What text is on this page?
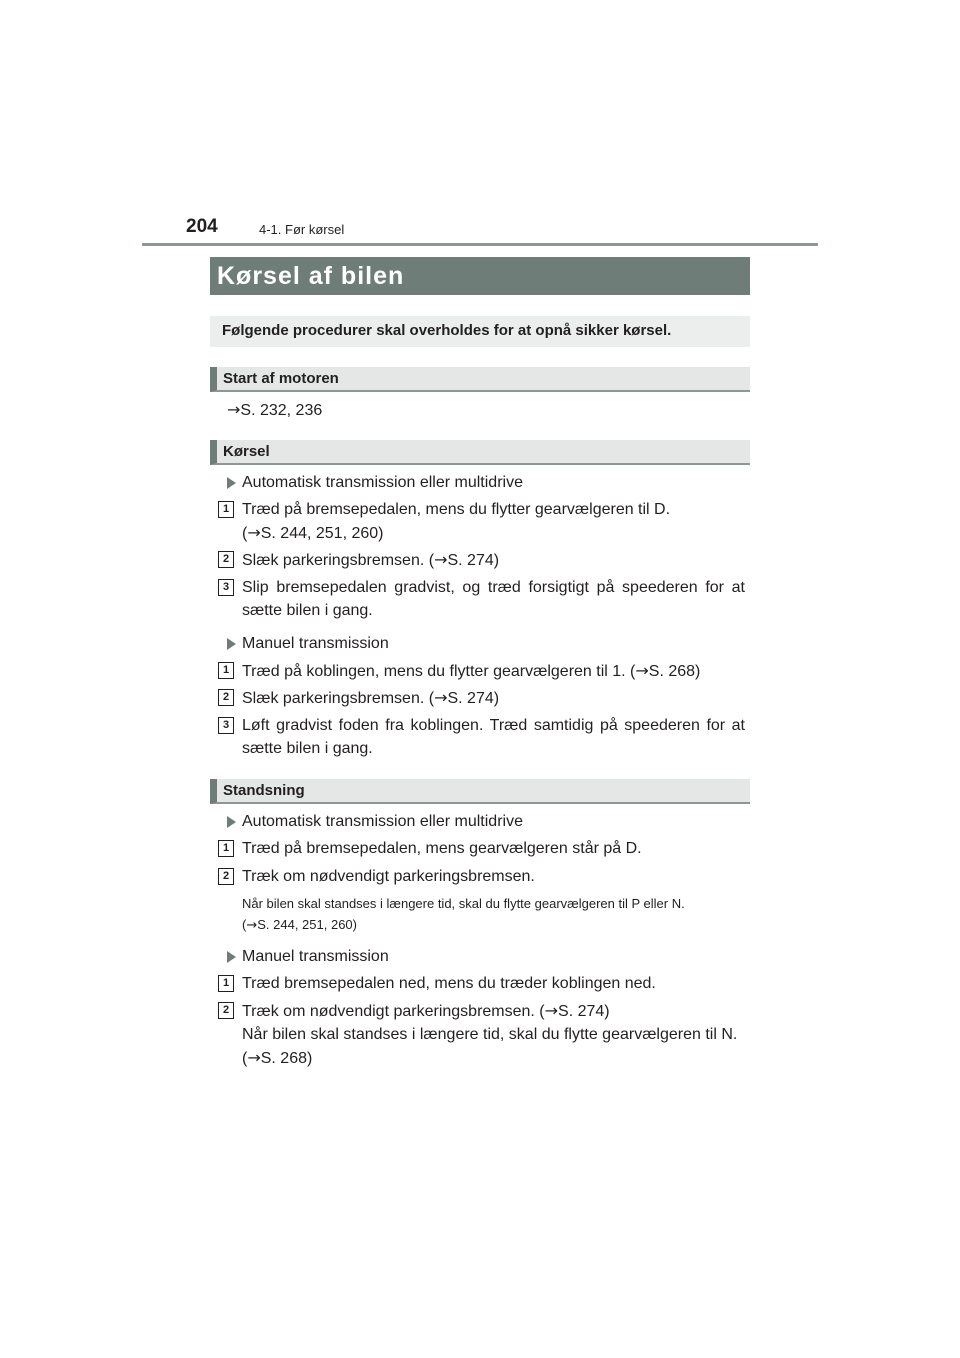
204	4-1. Før kørsel
Kørsel af bilen
Følgende procedurer skal overholdes for at opnå sikker kørsel.
Start af motoren
→S. 232, 236
Kørsel
Automatisk transmission eller multidrive
1 Træd på bremsepedalen, mens du flytter gearvælgeren til D.
(→S. 244, 251, 260)
2 Slæk parkeringsbremsen. (→S. 274)
3 Slip bremsepedalen gradvist, og træd forsigtigt på speederen for at sætte bilen i gang.
Manuel transmission
1 Træd på koblingen, mens du flytter gearvælgeren til 1. (→S. 268)
2 Slæk parkeringsbremsen. (→S. 274)
3 Løft gradvist foden fra koblingen. Træd samtidig på speederen for at sætte bilen i gang.
Standsning
Automatisk transmission eller multidrive
1 Træd på bremsepedalen, mens gearvælgeren står på D.
2 Træk om nødvendigt parkeringsbremsen.
Når bilen skal standses i længere tid, skal du flytte gearvælgeren til P eller N.
(→S. 244, 251, 260)
Manuel transmission
1 Træd bremsepedalen ned, mens du træder koblingen ned.
2 Træk om nødvendigt parkeringsbremsen. (→S. 274)
Når bilen skal standses i længere tid, skal du flytte gearvælgeren til N.
(→S. 268)
